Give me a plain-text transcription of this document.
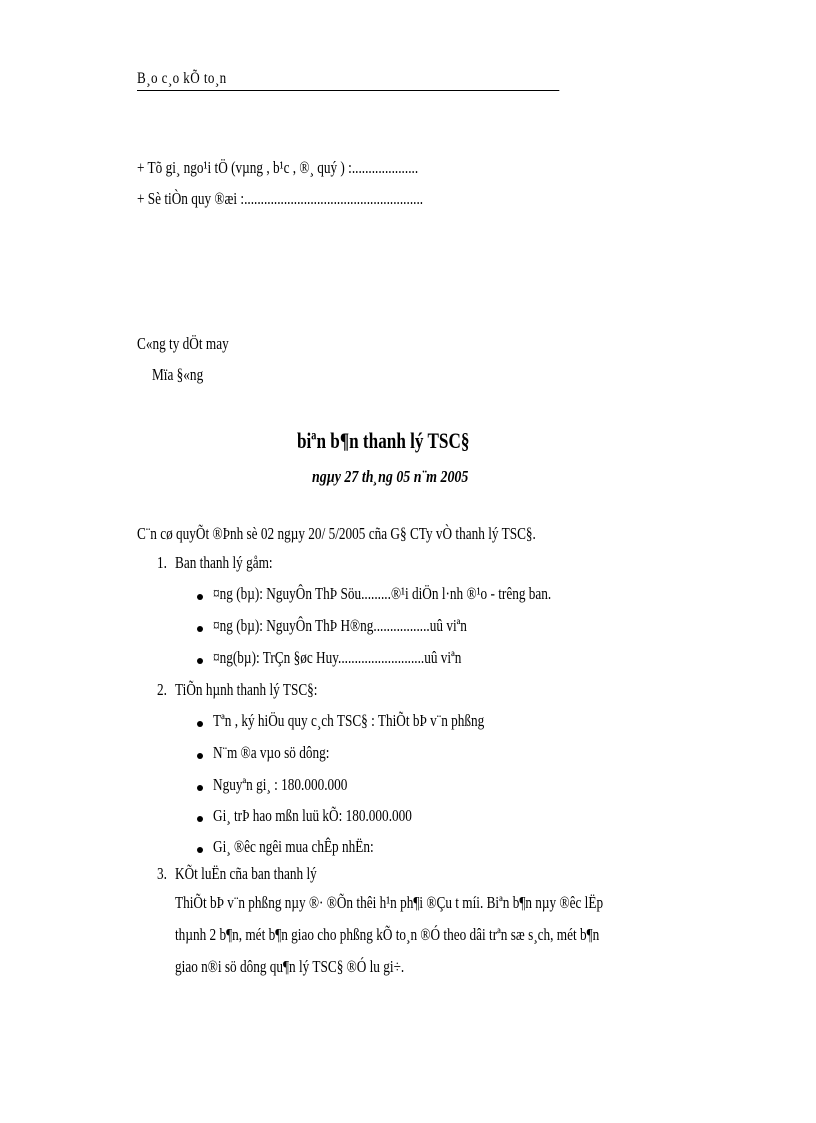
B¸o c¸o kÕ to¸n
+ Tõ gi¸ ngo¹i tÖ (vµng , b¹c , ®¸ quý ) :....................
+ Sè tiÒn quy ®æi :......................................................
C«ng ty dÖt may
Mïa §«ng
biªn b¶n thanh lý TSC§
ngµy 27 th¸ng 05 n¨m 2005
C¨n cø quyÕt ®Þnh sè 02 ngµy 20/ 5/2005 cña G§ CTy vÒ thanh lý TSC§.
1. Ban thanh lý gåm:
¤ng (bµ): NguyÔn ThÞ Söu.........®¹i diÖn l·nh ®¹o - trêng ban.
¤ng (bµ): NguyÔn ThÞ H®ng.................uû viªn
¤ng(bµ): TrÇn §øc Huy..........................uû viªn
2. TiÕn hµnh thanh lý TSC§:
Tªn , ký hiÖu quy c¸ch TSC§ : ThiÕt bÞ v¨n phßng
N¨m ®a vµo sö dông:
Nguyªn gi¸ : 180.000.000
Gi¸ trÞ hao mßn luü kÕ: 180.000.000
Gi¸ ®êc ngêi mua chÊp nhËn:
3. KÕt luËn cña ban thanh lý
ThiÕt bÞ v¨n phßng nµy ®· ®Õn thêi h¹n ph¶i ®Çu t míi. Biªn b¶n nµy ®êc lËp
thµnh 2 b¶n, mét b¶n giao cho phßng kÕ to¸n ®Ó theo dâi trªn sæ s¸ch, mét b¶n
giao n®i sö dông qu¶n lý TSC§ ®Ó lu gi÷.
